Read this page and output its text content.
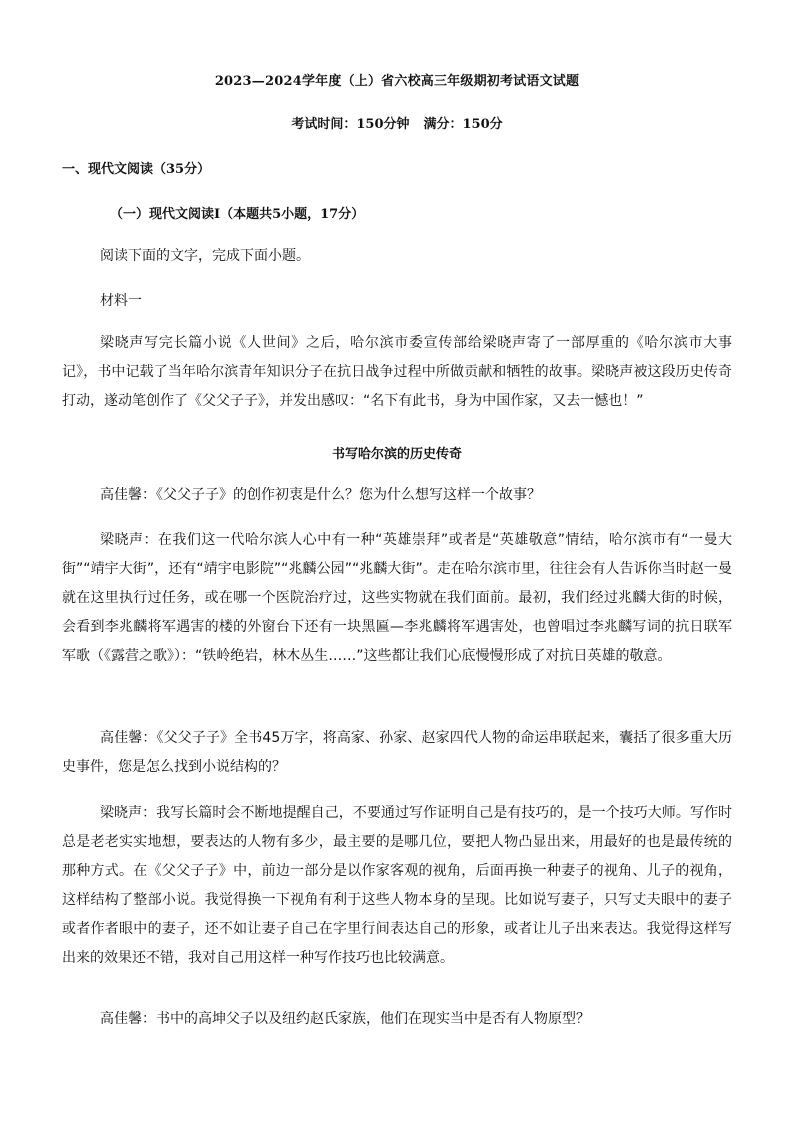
2023—2024学年度（上）省六校高三年级期初考试语文试题
考试时间：150分钟 满分：150分
一、现代文阅读（35分）
（一）现代文阅读Ⅰ（本题共5小题，17分）
阅读下面的文字，完成下面小题。
材料一
梁晓声写完长篇小说《人世间》之后，哈尔滨市委宣传部给梁晓声寄了一部厚重的《哈尔滨市大事记》，书中记载了当年哈尔滨青年知识分子在抗日战争过程中所做贡献和牺牲的故事。梁晓声被这段历史传奇打动，遂动笔创作了《父父子子》，并发出感叹：“名下有此书，身为中国作家，又去一憾也！”
书写哈尔滨的历史传奇
高佳馨：《父父子子》的创作初衷是什么？您为什么想写这样一个故事？
梁晓声：在我们这一代哈尔滨人心中有一种“英雄崇拜”或者是“英雄敬意”情结，哈尔滨市有“一曼大街”“靖宇大街”，还有“靖宇电影院”“兆麟公园”“兆麟大街”。走在哈尔滨市里，往往会有人告诉你当时赵一曼就在这里执行过任务，或在哪一个医院治疗过，这些实物就在我们面前。最初，我们经过兆麟大街的时候，会看到李兆麟将军遇害的楼的外窗台下还有一块黑匾—李兆麟将军遇害处，也曾唱过李兆麟写词的抗日联军军歌（《露营之歌》）：“铁岭绝岩，林木丛生……”这些都让我们心底慢慢形成了对抗日英雄的敬意。
高佳馨：《父父子子》全书45万字，将高家、孙家、赵家四代人物的命运串联起来，囊括了很多重大历史事件，您是怎么找到小说结构的？
梁晓声：我写长篇时会不断地提醒自己，不要通过写作证明自己是有技巧的，是一个技巧大师。写作时总是老老实实地想，要表达的人物有多少，最主要的是哪几位，要把人物凸显出来，用最好的也是最传统的那种方式。在《父父子子》中，前边一部分是以作家客观的视角，后面再换一种妻子的视角、儿子的视角，这样结构了整部小说。我觉得换一下视角有利于这些人物本身的呈现。比如说写妻子，只写丈夫眼中的妻子或者作者眼中的妻子，还不如让妻子自己在字里行间表达自己的形象，或者让儿子出来表达。我觉得这样写出来的效果还不错，我对自己用这样一种写作技巧也比较满意。
高佳馨：书中的高坤父子以及纽约赵氏家族，他们在现实当中是否有人物原型？
